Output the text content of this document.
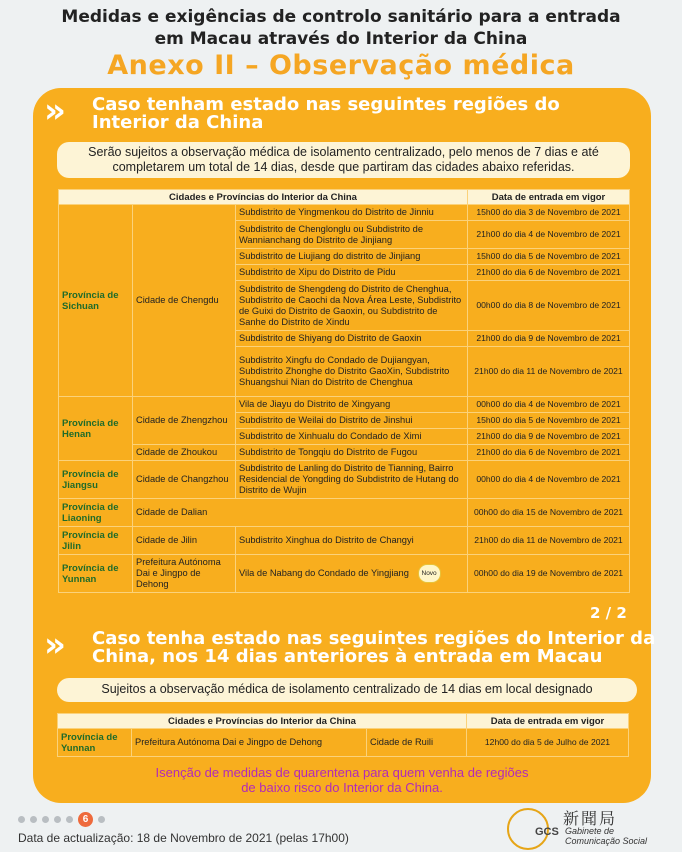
Medidas e exigências de controlo sanitário para a entrada
em Macau através do Interior da China
Anexo II – Observação médica
»	Caso tenham estado nas seguintes regiões do
Interior da China
Serão sujeitos a observação médica de isolamento centralizado, pelo menos de 7 dias e até
completarem um total de 14 dias, desde que partiram das cidades abaixo referidas.
Cidades e Províncias do Interior da China			Data de entrada em vigor
Província de Sichuan	Cidade de Chengdu	Subdistrito de Yingmenkou do Distrito de Jinniu	15h00 do dia 3 de Novembro de 2021
		Subdistrito de Chenglonglu ou Subdistrito de Wannianchang do Distrito de Jinjiang	21h00 do dia 4 de Novembro de 2021
		Subdistrito de Liujiang do distrito de Jinjiang	15h00 do dia 5 de Novembro de 2021
		Subdistrito de Xipu do Distrito de Pidu	21h00 do dia 6 de Novembro de 2021
		Subdistrito de Shengdeng do Distrito de Chenghua, Subdistrito de Caochi da Nova Área Leste, Subdistrito de Guixi do Distrito de Gaoxin, ou Subdistrito de Sanhe do Distrito de Xindu	00h00 do dia 8 de Novembro de 2021
		Subdistrito de Shiyang do Distrito de Gaoxin	21h00 do dia 9 de Novembro de 2021
		Subdistrito Xingfu do Condado de Dujiangyan, Subdistrito Zhonghe do Distrito GaoXin, Subdistrito Shuangshui Nian do Distrito de Chenghua	21h00 do dia 11 de Novembro de 2021
Província de Henan	Cidade de Zhengzhou	Vila de Jiayu do Distrito de Xingyang	00h00 do dia 4 de Novembro de 2021
		Subdistrito de Weilai do Distrito de Jinshui	15h00 do dia 5 de Novembro de 2021
		Subdistrito de Xinhualu do Condado de Ximi	21h00 do dia 9 de Novembro de 2021
	Cidade de Zhoukou	Subdistrito de Tongqiu do Distrito de Fugou	21h00 do dia 6 de Novembro de 2021
Província de Jiangsu	Cidade de Changzhou	Subdistrito de Lanling do Distrito de Tianning, Bairro Residencial de Yongding do Subdistrito de Hutang do Distrito de Wujin	00h00 do dia 4 de Novembro de 2021
Província de Liaoning	Cidade de Dalian		00h00 do dia 15 de Novembro de 2021
Província de Jilin	Cidade de Jilin	Subdistrito Xinghua do Distrito de Changyi	21h00 do dia 11 de Novembro de 2021
Província de Yunnan	Prefeitura Autónoma Dai e Jingpo de Dehong	Vila de Nabang do Condado de Yingjiang Novo	00h00 do dia 19 de Novembro de 2021
2 / 2
»	Caso tenha estado nas seguintes regiões do Interior da
China, nos 14 dias anteriores à entrada em Macau
Sujeitos a observação médica de isolamento centralizado de 14 dias em local designado
Cidades e Províncias do Interior da China			Data de entrada em vigor
Província de Yunnan	Prefeitura Autónoma Dai e Jingpo de Dehong	Cidade de Ruili	12h00 do dia 5 de Julho de 2021
Isenção de medidas de quarentena para quem venha de regiões
de baixo risco do Interior da China.
6
Data de actualização: 18 de Novembro de 2021 (pelas 17h00)	GCS
新聞局
Gabinete de
Comunicação Social
